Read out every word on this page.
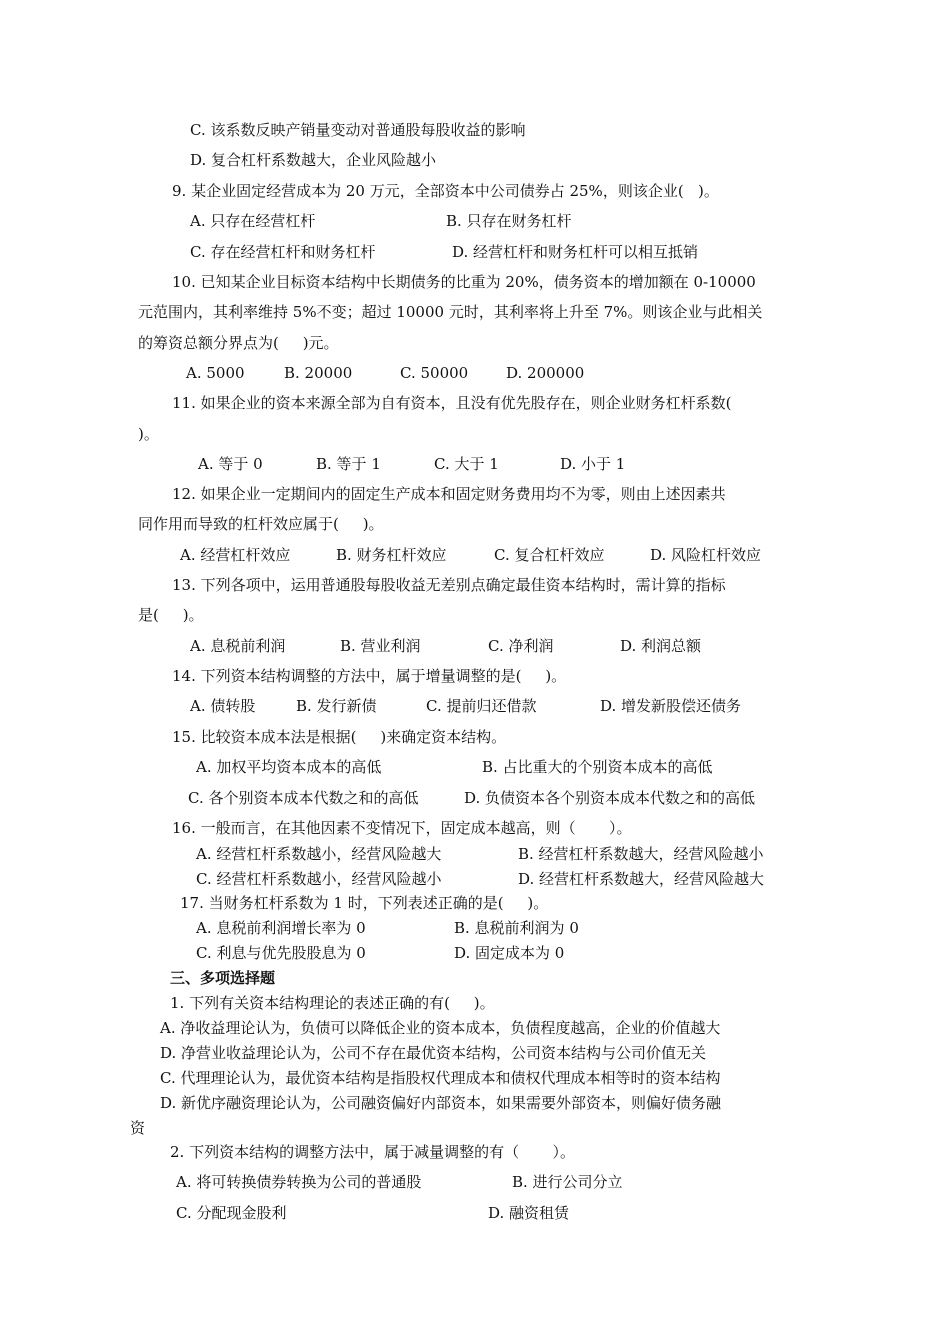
C. 该系数反映产销量变动对普通股每股收益的影响
D. 复合杠杆系数越大，企业风险越小
9. 某企业固定经营成本为 20 万元，全部资本中公司债券占 25%，则该企业(   )。
A. 只存在经营杠杆	B. 只存在财务杠杆
C. 存在经营杠杆和财务杠杆	D. 经营杠杆和财务杠杆可以相互抵销
10. 已知某企业目标资本结构中长期债务的比重为 20%，债务资本的增加额在 0-10000
元范围内，其利率维持 5%不变；超过 10000 元时，其利率将上升至 7%。则该企业与此相关
的筹资总额分界点为(     )元。
A. 5000	B. 20000	C. 50000	D. 200000
11. 如果企业的资本来源全部为自有资本，且没有优先股存在，则企业财务杠杆系数(
)。
A. 等于 0	B. 等于 1	C. 大于 1	D. 小于 1
12. 如果企业一定期间内的固定生产成本和固定财务费用均不为零，则由上述因素共
同作用而导致的杠杆效应属于(     )。
A. 经营杠杆效应	B. 财务杠杆效应	C. 复合杠杆效应	D. 风险杠杆效应
13. 下列各项中，运用普通股每股收益无差别点确定最佳资本结构时，需计算的指标
是(     )。
A. 息税前利润	B. 营业利润	C. 净利润	D. 利润总额
14. 下列资本结构调整的方法中，属于增量调整的是(     )。
A. 债转股	B. 发行新债	C. 提前归还借款	D. 增发新股偿还债务
15. 比较资本成本法是根据(     )来确定资本结构。
A. 加权平均资本成本的高低	B. 占比重大的个别资本成本的高低
C. 各个别资本成本代数之和的高低	D. 负债资本各个别资本成本代数之和的高低
16. 一般而言，在其他因素不变情况下，固定成本越高，则（       ）。
A. 经营杠杆系数越小，经营风险越大	B. 经营杠杆系数越大，经营风险越小
C. 经营杠杆系数越小，经营风险越小	D. 经营杠杆系数越大，经营风险越大
17. 当财务杠杆系数为 1 时，下列表述正确的是(     )。
A. 息税前利润增长率为 0	B. 息税前利润为 0
C. 利息与优先股股息为 0	D. 固定成本为 0
三、多项选择题
1. 下列有关资本结构理论的表述正确的有(     )。
A. 净收益理论认为，负债可以降低企业的资本成本，负债程度越高，企业的价值越大
D. 净营业收益理论认为，公司不存在最优资本结构，公司资本结构与公司价值无关
C. 代理理论认为，最优资本结构是指股权代理成本和债权代理成本相等时的资本结构
D. 新优序融资理论认为，公司融资偏好内部资本，如果需要外部资本，则偏好债务融
资
2. 下列资本结构的调整方法中，属于减量调整的有（       ）。
A. 将可转换债券转换为公司的普通股	B. 进行公司分立
C. 分配现金股利	D. 融资租赁
